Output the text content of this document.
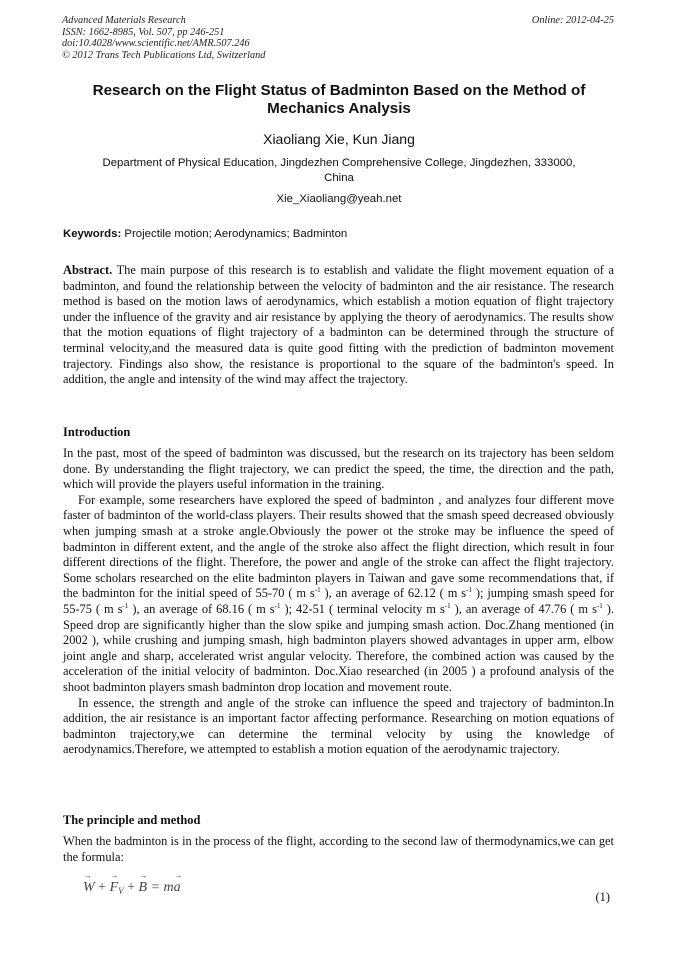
Advanced Materials Research
ISSN: 1662-8985, Vol. 507, pp 246-251
doi:10.4028/www.scientific.net/AMR.507.246
© 2012 Trans Tech Publications Ltd, Switzerland
Online: 2012-04-25
Research on the Flight Status of Badminton Based on the Method of
Mechanics Analysis
Xiaoliang Xie, Kun Jiang
Department of Physical Education, Jingdezhen Comprehensive College, Jingdezhen, 333000,
China
Xie_Xiaoliang@yeah.net
Keywords: Projectile motion; Aerodynamics; Badminton

Abstract. The main purpose of this research is to establish and validate the flight movement equation of a badminton, and found the relationship between the velocity of badminton and the air resistance. The research method is based on the motion laws of aerodynamics, which establish a motion equation of flight trajectory under the influence of the gravity and air resistance by applying the theory of aerodynamics. The results show that the motion equations of flight trajectory of a badminton can be determined through the structure of terminal velocity,and the measured data is quite good fitting with the prediction of badminton movement trajectory. Findings also show, the resistance is proportional to the square of the badminton's speed. In addition, the angle and intensity of the wind may affect the trajectory.

Introduction

In the past, most of the speed of badminton was discussed, but the research on its trajectory has been seldom done. By understanding the flight trajectory, we can predict the speed, the time, the direction and the path, which will provide the players useful information in the training.

For example, some researchers have explored the speed of badminton , and analyzes four different move faster of badminton of the world-class players. Their results showed that the smash speed decreased obviously when jumping smash at a stroke angle.Obviously the power ot the stroke may be influence the speed of badminton in different extent, and the angle of the stroke also affect the flight direction, which result in four different directions of the flight. Therefore, the power and angle of the stroke can affect the flight trajectory. Some scholars researched on the elite badminton players in Taiwan and gave some recommendations that, if the badminton for the initial speed of 55-70 ( m $s^{-1}$ ), an average of 62.12 ( m $s^{-1}$ ); jumping smash speed for 55-75 ( m $s^{-1}$ ), an average of 68.16 ( m $s^{-1}$ ); 42-51 ( terminal velocity m $s^{-1}$ ), an average of 47.76 ( m $s^{-1}$ ). Speed drop are significantly higher than the slow spike and jumping smash action. Doc.Zhang mentioned (in 2002 ), while crushing and jumping smash, high badminton players showed advantages in upper arm, elbow joint angle and sharp, accelerated wrist angular velocity. Therefore, the combined action was caused by the acceleration of the initial velocity of badminton. Doc.Xiao researched (in 2005 ) a profound analysis of the shoot badminton players smash badminton drop location and movement route.

In essence, the strength and angle of the stroke can influence the speed and trajectory of badminton.In addition, the air resistance is an important factor affecting performance. Researching on motion equations of badminton trajectory,we can determine the terminal velocity by using the knowledge of aerodynamics.Therefore, we attempted to establish a motion equation of the aerodynamic trajectory.

The principle and method

When the badminton is in the process of the flight, according to the second law of thermodynamics,we can get the formula:

→ W + → $F_V$ + → B = m→ a
(1)
